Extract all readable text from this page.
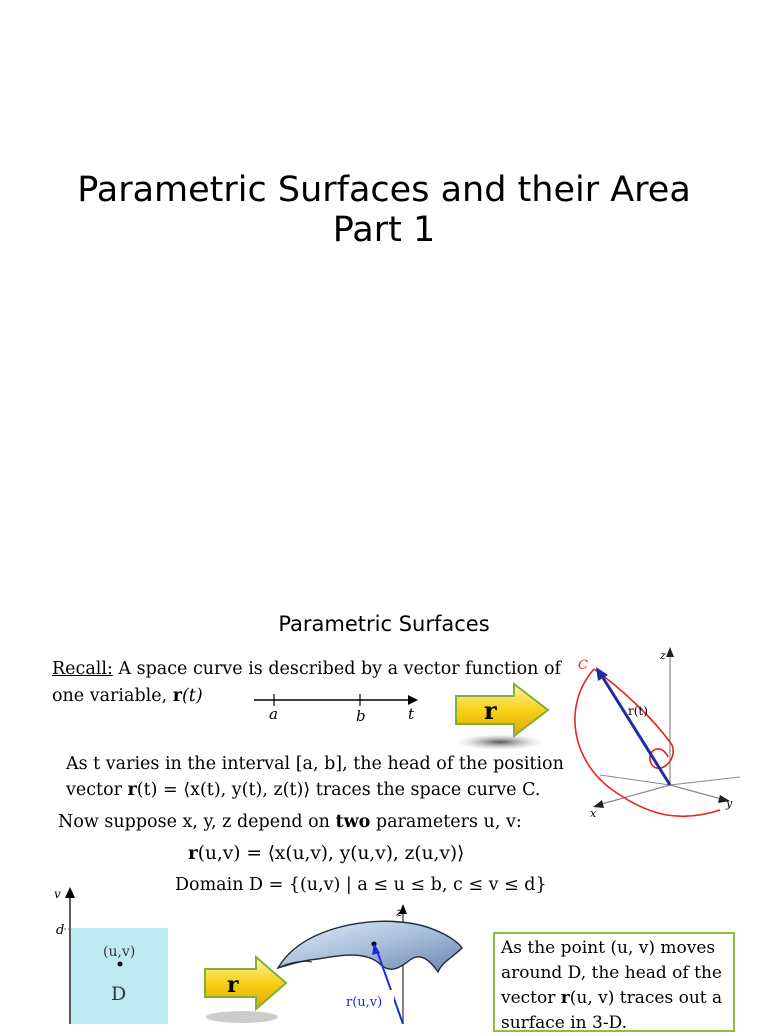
Parametric Surfaces and their Area
Part 1
Parametric Surfaces
Recall: A space curve is described by a vector function of
one variable, r(t)
a	b	t	r
C
r(t)
z
y
x
As t varies in the interval [a, b], the head of the position
vector r(t) = ⟨x(t), y(t), z(t)⟩ traces the space curve C.
Now suppose x, y, z depend on two parameters u, v:
r(u,v) = ⟨x(u,v), y(u,v), z(u,v)⟩
Domain D = {(u,v) | a ≤ u ≤ b, c ≤ v ≤ d}
v
d
(u,v)
D	r
z
r(u,v)
As the point (u, v) moves
around D, the head of the
vector r(u, v) traces out a
surface in 3-D.
